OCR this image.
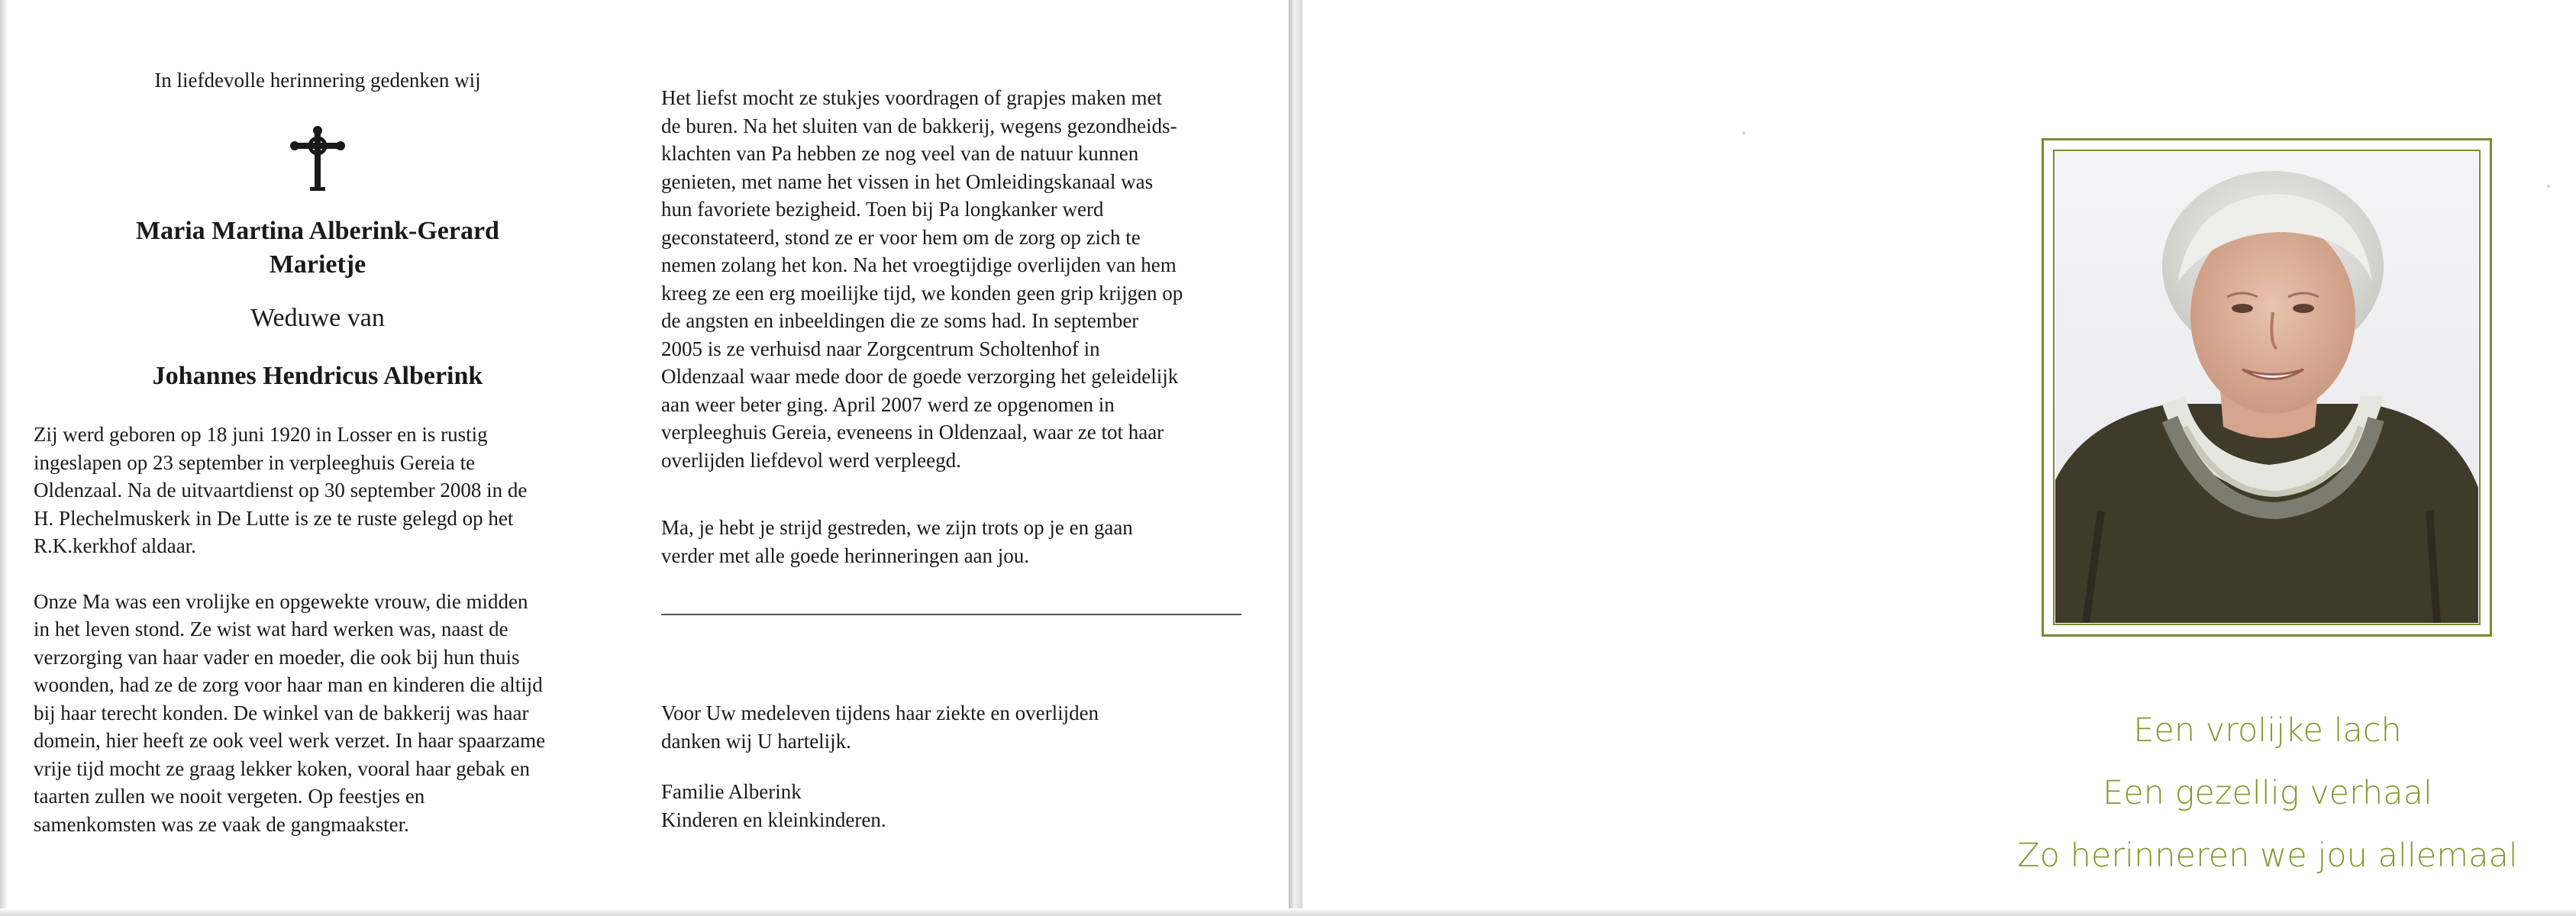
In liefdevolle herinnering gedenken wij

Maria Martina Alberink-Gerard

Marietje

Weduwe van

Johannes Hendricus Alberink

Zij werd geboren op 18 juni 1920 in Losser en is rustig
ingeslapen op 23 september in verpleeghuis Gereia te
Oldenzaal. Na de uitvaartdienst op 30 september 2008 in de
H. Plechelmuskerk in De Lutte is ze te ruste gelegd op het
R.K.kerkhof aldaar.

Onze Ma was een vrolijke en opgewekte vrouw, die midden
in het leven stond. Ze wist wat hard werken was, naast de
verzorging van haar vader en moeder, die ook bij hun thuis
woonden, had ze de zorg voor haar man en kinderen die altijd
bij haar terecht konden. De winkel van de bakkerij was haar
domein, hier heeft ze ook veel werk verzet. In haar spaarzame
vrije tijd mocht ze graag lekker koken, vooral haar gebak en
taarten zullen we nooit vergeten. Op feestjes en
samenkomsten was ze vaak de gangmaakster.

Het liefst mocht ze stukjes voordragen of grapjes maken met
de buren. Na het sluiten van de bakkerij, wegens gezondheids-
klachten van Pa hebben ze nog veel van de natuur kunnen
genieten, met name het vissen in het Omleidingskanaal was
hun favoriete bezigheid. Toen bij Pa longkanker werd
geconstateerd, stond ze er voor hem om de zorg op zich te
nemen zolang het kon. Na het vroegtijdige overlijden van hem
kreeg ze een erg moeilijke tijd, we konden geen grip krijgen op
de angsten en inbeeldingen die ze soms had. In september
2005 is ze verhuisd naar Zorgcentrum Scholtenhof in
Oldenzaal waar mede door de goede verzorging het geleidelijk
aan weer beter ging. April 2007 werd ze opgenomen in
verpleeghuis Gereia, eveneens in Oldenzaal, waar ze tot haar
overlijden liefdevol werd verpleegd.

Ma, je hebt je strijd gestreden, we zijn trots op je en gaan
verder met alle goede herinneringen aan jou.

Voor Uw medeleven tijdens haar ziekte en overlijden
danken wij U hartelijk.

Familie Alberink
Kinderen en kleinkinderen.

Een vrolijke lach

Een gezellig verhaal

Zo herinneren we jou allemaal
